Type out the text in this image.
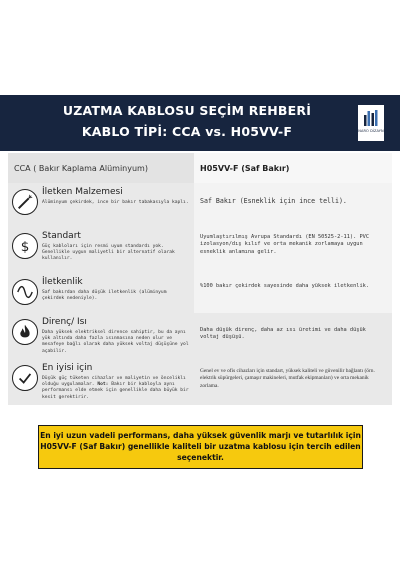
UZATMA KABLOSU SEÇİM REHBERİ
KABLO TİPİ: CCA vs. H05VV-F	NARO DİZAYN
CCA ( Bakır Kaplama Alüminyum)	H05VV-F (Saf Bakır)
İletken Malzemesi
Alüminyum çekirdek, ince bir bakır tabakasıyla kaplı. Saf Bakır (Esneklik için ince telli).
$
Standart
Güç kabloları için resmi uyum standardı yok. Genellikle uygun maliyetli bir alternatif olarak kullanılır.
Uyumlaştırılmış Avrupa Standardı (EN 50525-2-11). PVC izolasyon/dış kılıf ve orta mekanik zorlamaya uygun esneklik anlamına gelir.
İletkenlik
Saf bakırdan daha düşük iletkenlik (alüminyum çekirdek nedeniyle).
%100 bakır çekirdek sayesinde daha yüksek iletkenlik.
Direnç/ Isı
Daha yüksek elektriksel dirence sahiptir, bu da aynı yük altında daha fazla ısınmasına neden olur ve mesafeye bağlı olarak daha yüksek voltaj düşüşüne yol açabilir.
Daha düşük direnç, daha az ısı üretimi ve daha düşük voltaj düşüşü.
En iyisi için
Düşük güç tüketen cihazlar ve maliyetin ve önceliklı olduğu uygulamalar. Not: Bakır bir kabloyla aynı performansı elde etmek için genellikle daha büyük bir kesit gerektirir.
Genel ev ve ofis cihazları için standart, yüksek kaliteli ve güvenilir bağlantı (örn. elektrik süpürgeleri, çamaşır makineleri, mutfak ekipmanları) ve orta mekanik zorlama.
En iyi uzun vadeli performans, daha yüksek güvenlik marjı ve tutarlılık için H05VV-F (Saf Bakır) genellikle kaliteli bir uzatma kablosu için tercih edilen seçenektir.
